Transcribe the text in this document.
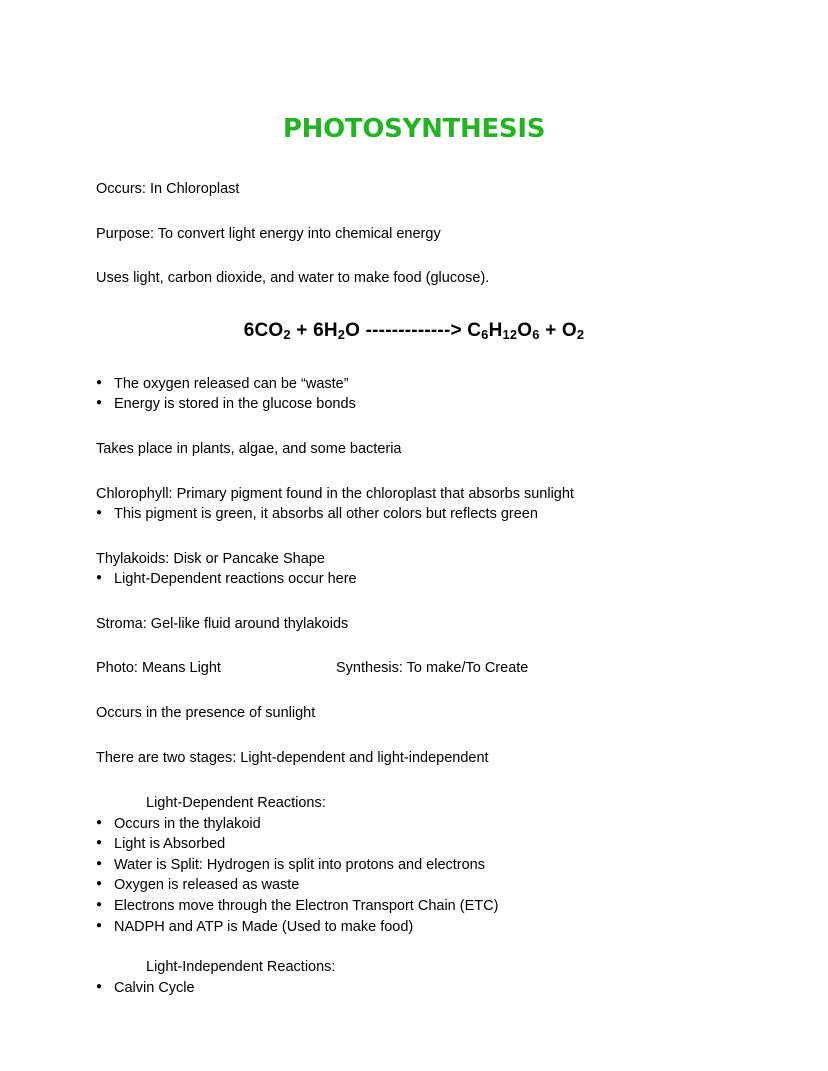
PHOTOSYNTHESIS

Occurs: In Chloroplast

Purpose: To convert light energy into chemical energy

Uses light, carbon dioxide, and water to make food (glucose).

$6CO_2 + 6H_2O$ -------------> $C_6H_{12}O_6 + O_2$

● The oxygen released can be “waste”
● Energy is stored in the glucose bonds

Takes place in plants, algae, and some bacteria

Chlorophyll: Primary pigment found in the chloroplast that absorbs sunlight

● This pigment is green, it absorbs all other colors but reflects green

Thylakoids: Disk or Pancake Shape

● Light-Dependent reactions occur here

Stroma: Gel-like fluid around thylakoids

Photo: Means Light	Synthesis: To make/To Create

Occurs in the presence of sunlight

There are two stages: Light-dependent and light-independent

Light-Dependent Reactions:
● Occurs in the thylakoid
● Light is Absorbed
● Water is Split: Hydrogen is split into protons and electrons
● Oxygen is released as waste
● Electrons move through the Electron Transport Chain (ETC)
● NADPH and ATP is Made (Used to make food)
Light-Independent Reactions:
● Calvin Cycle
